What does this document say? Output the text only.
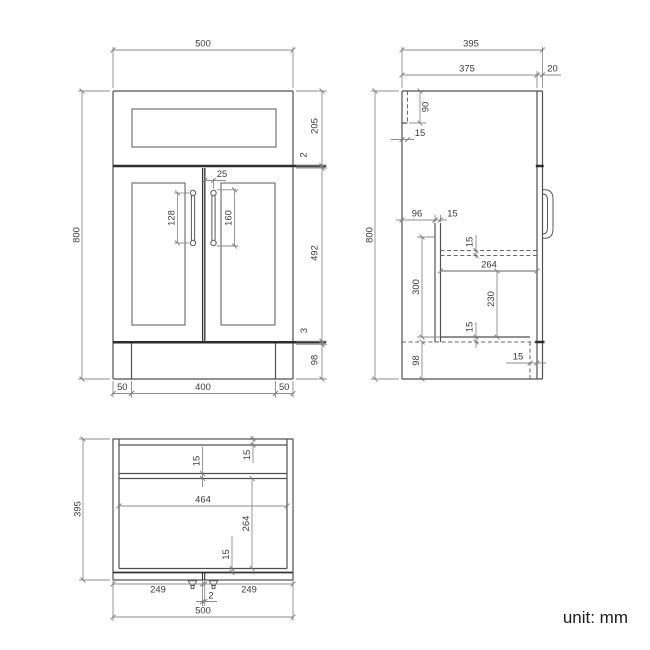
500
800
205
2
492
3
98
25
128	160
50	400	50
395
375	20
800
90
15
96	15
15
264
300
230
15
98	15
395
15
15
464
264
15
249	249
2
500	unit: mm
